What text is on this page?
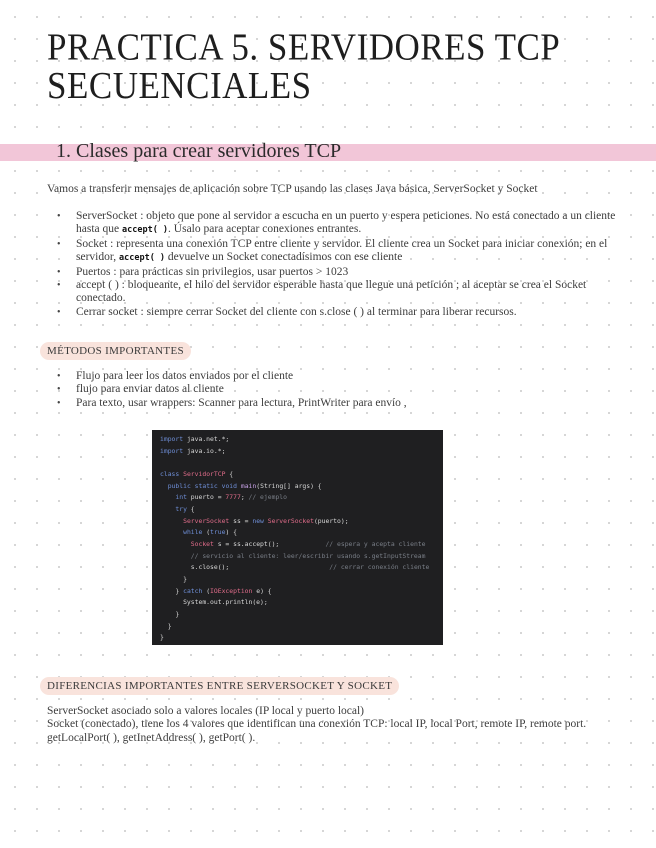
PRACTICA 5. SERVIDORES TCP
SECUENCIALES
1. Clases para crear servidores TCP

Vamos a transferir mensajes de aplicación sobre TCP usando las clases Java básica, ServerSocket y Socket

• ServerSocket : objeto que pone al servidor a escucha en un puerto y espera peticiones. No está conectado a un cliente hasta que accept( ). Úsalo para aceptar conexiones entrantes.
• Socket : representa una conexión TCP entre cliente y servidor. El cliente crea un Socket para iniciar conexión; en el servidor, accept( ) devuelve un Socket conectadísimos con ese cliente
• Puertos : para prácticas sin privilegios, usar puertos > 1023
• accept ( ) : bloqueante, el hilo del servidor esperable hasta que llegue una petición ; al aceptar se crea el Socket conectado.
• Cerrar socket : siempre cerrar Socket del cliente con s.close ( ) al terminar para liberar recursos.
MÉTODOS IMPORTANTES
• Flujo para leer los datos enviados por el cliente
• flujo para enviar datos al cliente
• Para texto, usar wrappers: Scanner para lectura, PrintWriter para envío ,
import java.net.*;
import java.io.*;

class ServidorTCP {
public static void main(String[] args) {
int puerto = 7777; // ejemplo
try {
ServerSocket ss = new ServerSocket(puerto);
while (true) {
Socket s = ss.accept();            // espera y acepta cliente
// servicio al cliente: leer/escribir usando s.getInputStream
s.close();                          // cerrar conexión cliente
}
} catch (IOException e) {
System.out.println(e);
}
}
}
DIFERENCIAS IMPORTANTES ENTRE SERVERSOCKET Y SOCKET

ServerSocket asociado solo a valores locales (IP local y puerto local)
Socket (conectado), tiene los 4 valores que identifican una conexión TCP: local IP, local Port, remote IP, remote port. getLocalPort( ), getInetAddress( ), getPort( ).
